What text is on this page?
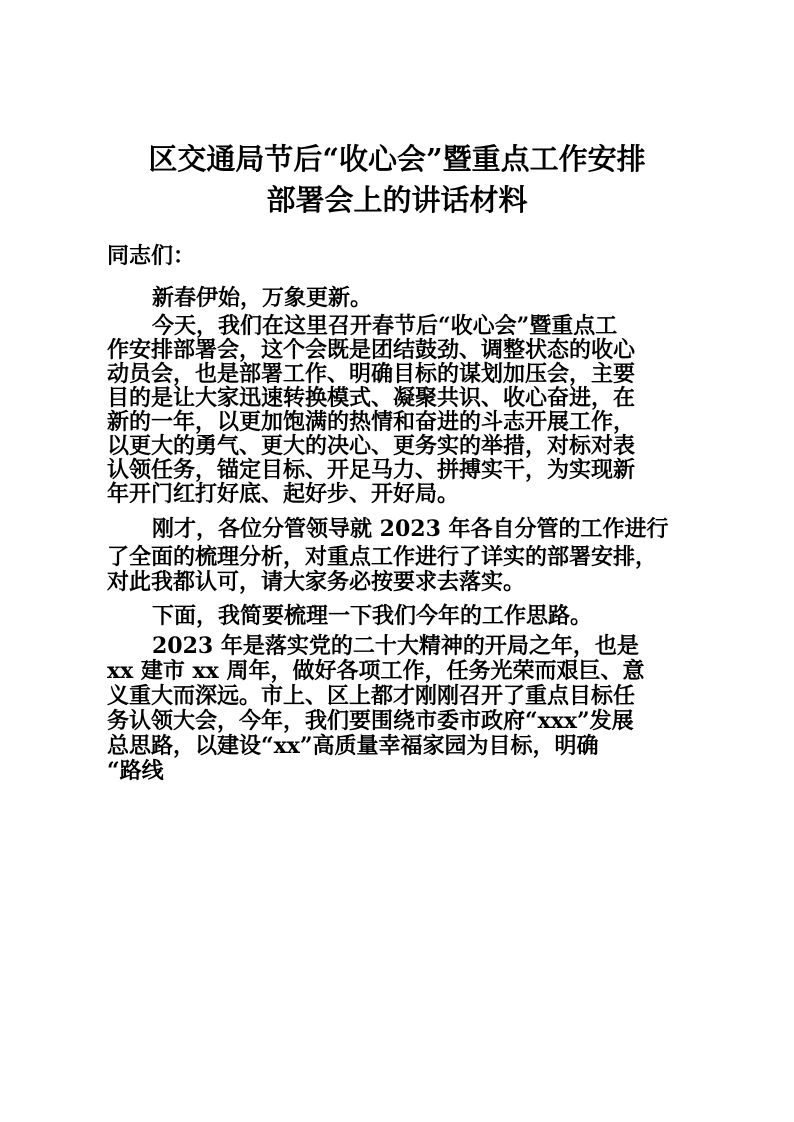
区交通局节后“收心会”暨重点工作安排
部署会上的讲话材料
同志们：
新春伊始，万象更新。
今天，我们在这里召开春节后“收心会”暨重点工
作安排部署会，这个会既是团结鼓劲、调整状态的收心
动员会，也是部署工作、明确目标的谋划加压会，主要
目的是让大家迅速转换模式、凝聚共识、收心奋进，在
新的一年，以更加饱满的热情和奋进的斗志开展工作，
以更大的勇气、更大的决心、更务实的举措，对标对表
认领任务，锚定目标、开足马力、拼搏实干，为实现新
年开门红打好底、起好步、开好局。
刚才，各位分管领导就 2023 年各自分管的工作进行
了全面的梳理分析，对重点工作进行了详实的部署安排，
对此我都认可，请大家务必按要求去落实。
下面，我简要梳理一下我们今年的工作思路。
2023 年是落实党的二十大精神的开局之年，也是
xx 建市 xx 周年，做好各项工作，任务光荣而艰巨、意
义重大而深远。市上、区上都才刚刚召开了重点目标任
务认领大会，今年，我们要围绕市委市政府“xxx”发展
总思路，以建设“xx”高质量幸福家园为目标，明确
“路线
